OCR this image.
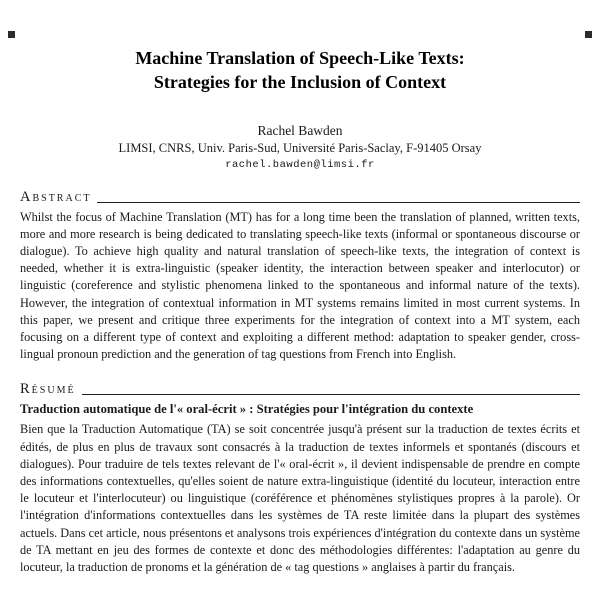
Machine Translation of Speech-Like Texts:
Strategies for the Inclusion of Context
Rachel Bawden
LIMSI, CNRS, Univ. Paris-Sud, Université Paris-Saclay, F-91405 Orsay
rachel.bawden@limsi.fr
Abstract

Whilst the focus of Machine Translation (MT) has for a long time been the translation of planned, written texts, more and more research is being dedicated to translating speech-like texts (informal or spontaneous discourse or dialogue). To achieve high quality and natural translation of speech-like texts, the integration of context is needed, whether it is extra-linguistic (speaker identity, the interaction between speaker and interlocutor) or linguistic (coreference and stylistic phenomena linked to the spontaneous and informal nature of the texts). However, the integration of contextual information in MT systems remains limited in most current systems. In this paper, we present and critique three experiments for the integration of context into a MT system, each focusing on a different type of context and exploiting a different method: adaptation to speaker gender, cross-lingual pronoun prediction and the generation of tag questions from French into English.

Résumé

Traduction automatique de l'« oral-écrit » : Stratégies pour l'intégration du contexte

Bien que la Traduction Automatique (TA) se soit concentrée jusqu'à présent sur la traduction de textes écrits et édités, de plus en plus de travaux sont consacrés à la traduction de textes informels et spontanés (discours et dialogues). Pour traduire de tels textes relevant de l'« oral-écrit », il devient indispensable de prendre en compte des informations contextuelles, qu'elles soient de nature extra-linguistique (identité du locuteur, interaction entre le locuteur et l'interlocuteur) ou linguistique (coréférence et phénomènes stylistiques propres à la parole). Or l'intégration d'informations contextuelles dans les systèmes de TA reste limitée dans la plupart des systèmes actuels. Dans cet article, nous présentons et analysons trois expériences d'intégration du contexte dans un système de TA mettant en jeu des formes de contexte et donc des méthodologies différentes: l'adaptation au genre du locuteur, la traduction de pronoms et la génération de « tag questions » anglaises à partir du français.
